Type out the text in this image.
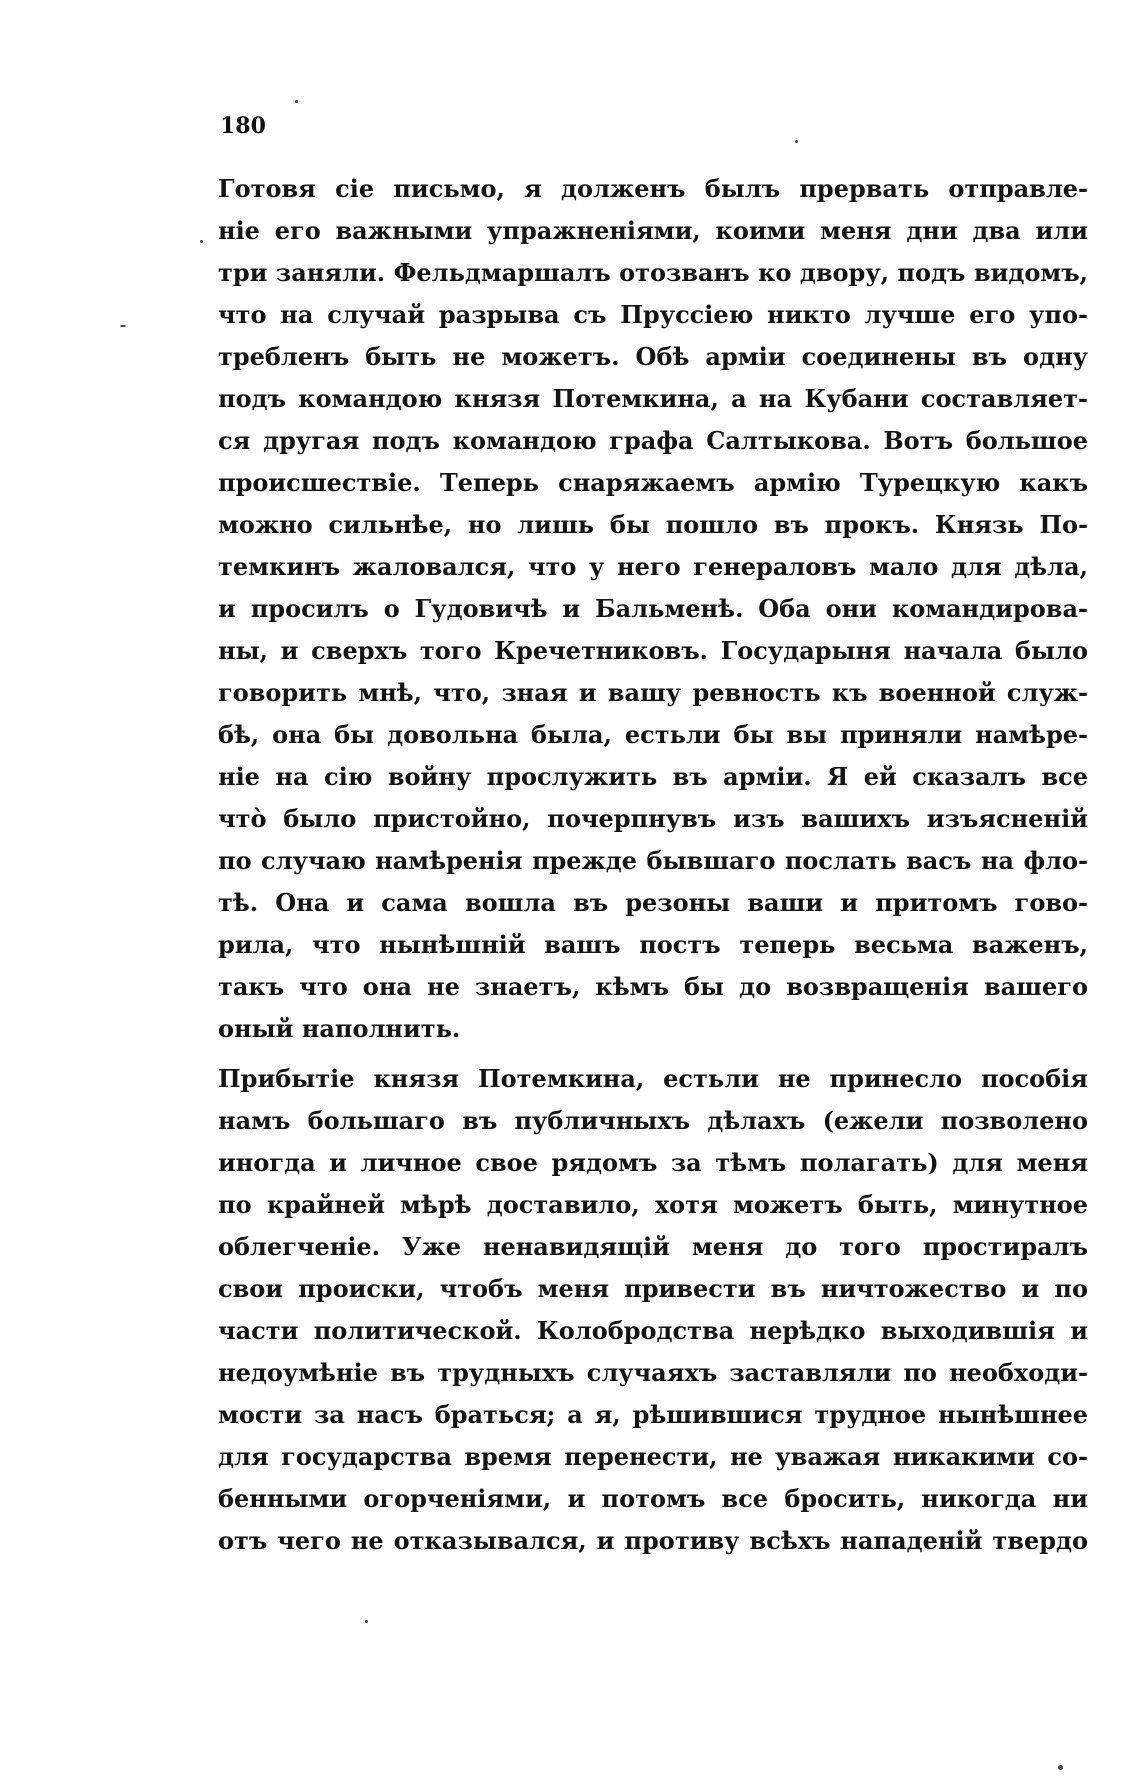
180
Готовя сіе письмо, я долженъ былъ прервать отправле-
ніе его важными упражненіями, коими меня дни два или
три заняли. Фельдмаршалъ отозванъ ко двору, подъ видомъ,
что на случай разрыва съ Пруссіею никто лучше его упо-
требленъ быть не можетъ. Обѣ арміи соединены въ одну
подъ командою князя Потемкина, а на Кубани составляет-
ся другая подъ командою графа Салтыкова. Вотъ большое
происшествіе. Теперь снаряжаемъ армію Турецкую какъ
можно сильнѣе, но лишь бы пошло въ прокъ. Князь По-
темкинъ жаловался, что у него генераловъ мало для дѣла,
и просилъ о Гудовичѣ и Бальменѣ. Оба они командирова-
ны, и сверхъ того Кречетниковъ. Государыня начала было
говорить мнѣ, что, зная и вашу ревность къ военной служ-
бѣ, она бы довольна была, естьли бы вы приняли намѣре-
ніе на сію войну прослужить въ арміи. Я ей сказалъ все
что̀ было пристойно, почерпнувъ изъ вашихъ изъясненій
по случаю намѣренія прежде бывшаго послать васъ на фло-
тѣ. Она и сама вошла въ резоны ваши и притомъ гово-
рила, что нынѣшній вашъ постъ теперь весьма важенъ,
такъ что она не знаетъ, кѣмъ бы до возвращенія вашего
оный наполнить.
Прибытіе князя Потемкина, естьли не принесло пособія
намъ большаго въ публичныхъ дѣлахъ (ежели позволено
иногда и личное свое рядомъ за тѣмъ полагать) для меня
по крайней мѣрѣ доставило, хотя можетъ быть, минутное
облегченіе. Уже ненавидящій меня до того простиралъ
свои происки, чтобъ меня привести въ ничтожество и по
части политической. Колобродства нерѣдко выходившія и
недоумѣніе въ трудныхъ случаяхъ заставляли по необходи-
мости за насъ браться; а я, рѣшившися трудное нынѣшнее
для государства время перенести, не уважая никакими со-
бенными огорченіями, и потомъ все бросить, никогда ни
отъ чего не отказывался, и противу всѣхъ нападеній твердо
